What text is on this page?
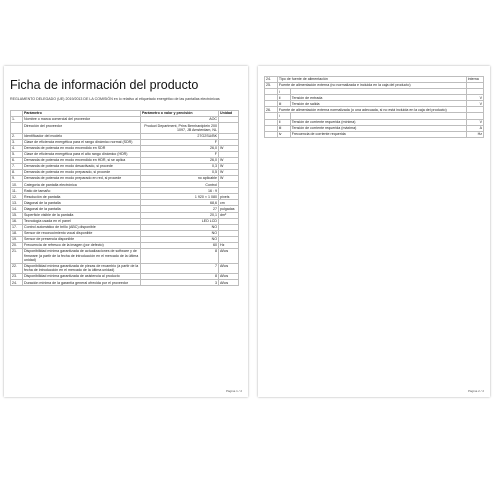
Ficha de información del producto
REGLAMENTO DELEGADO (UE) 2019/2013 DE LA COMISIÓN en lo relativo al etiquetado energético de las pantallas electrónicas
	Parámetro	Parámetro o valor y precisión	Unidad
1.	Nombre o marca comercial del proveedor	AOC	
	Dirección del proveedor	Product Department, Prins Bernhardplein 200 1097, JB Amsterdam, NL	
2.	Identificador del modelo	27G2SU/BK	
3.	Clase de eficiencia energética para el rango dinámico normal (SDR)	F	
4.	Demanda de potencia en modo encendido en SDR	26,0	W
5.	Clase de eficiencia energética para el alto rango dinámico (HDR)	F	
6.	Demanda de potencia en modo encendido en HDR, si se aplica	26,0	W
7.	Demanda de potencia en modo desactivado, si procede	0,3	W
8.	Demanda de potencia en modo preparado, si procede	0,5	W
9.	Demanda de potencia en modo preparado en red, si procede	no aplicable	W
10.	Categoría de pantalla electrónica	Control	
11.	Ratio de tamaño	16 : 9	
12.	Resolución de pantalla	1 920 × 1 080	píxels
13.	Diagonal de la pantalla	68,6	cm
14.	Diagonal de la pantalla	27	pulgadas
15.	Superficie visible de la pantalla	20,1	dm²
16.	Tecnología usada en el panel	LED LCD	
17.	Control automático de brillo (ABC) disponible	NO	
18.	Sensor de reconocimiento vocal disponible	NO	
19.	Sensor de presencia disponible	NO	
20.	Frecuencia de refresco de la imagen (por defecto)	60	Hz
21.	Disponibilidad mínima garantizada de actualizaciones de software y de firmware (a partir de la fecha de introducción en el mercado de la última unidad)	8	Años
22.	Disponibilidad mínima garantizada de piezas de recambio (a partir de la fecha de introducción en el mercado de la última unidad)	7	Años
23.	Disponibilidad mínima garantizada de asistencia al producto	8	Años
24.	Duración mínima de la garantía general ofrecida por el proveedor	3	Años
Página 1 / 2
24.	Tipo de fuente de alimentación		interna
25.	Fuente de alimentación externa (no normalizada e incluida en la caja del producto)		
	i		
	ii	Tensión de entrada	V
	iii	Tensión de salida	V
26.	Fuente de alimentación externa normalizada (o una adecuada, si no está incluida en la caja del producto)		
	i		
	ii	Tensión de corriente requerida (mínima)	V
	iii	Tensión de corriente requerida (máxima)	A
	iv	Frecuencia de corriente requerida	Hz
Página 2 / 2
